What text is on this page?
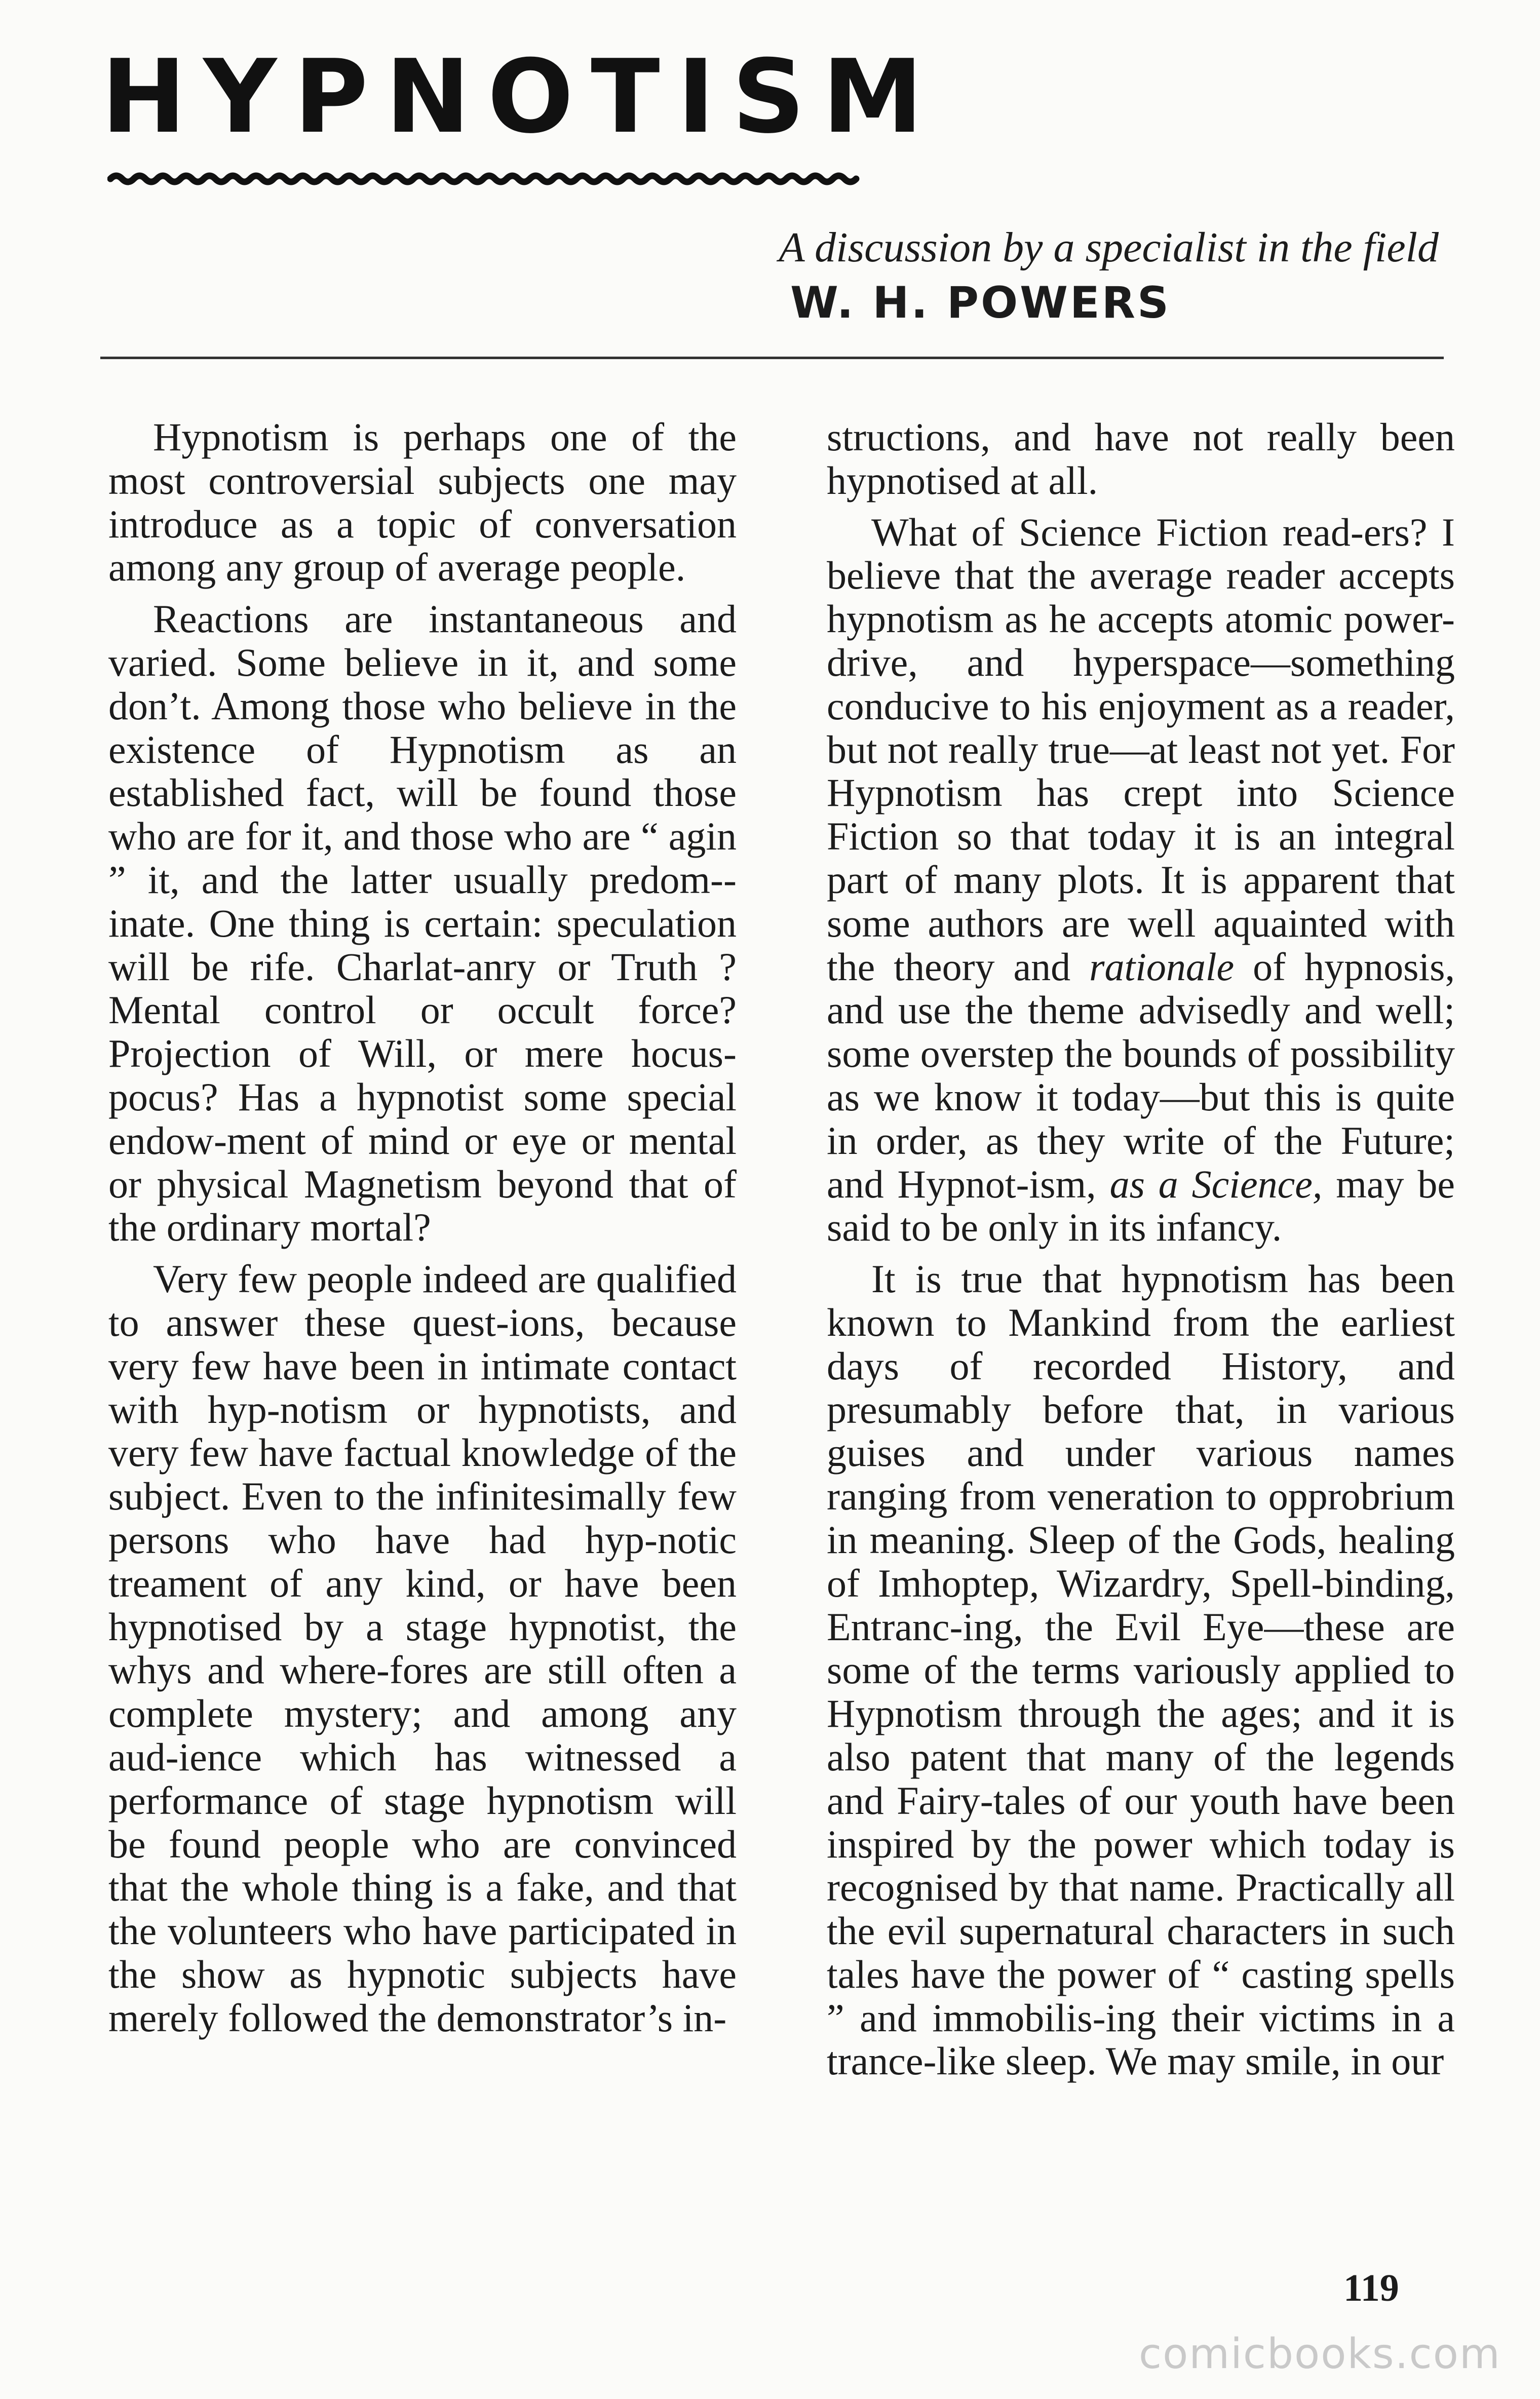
HYPNOTISM

A discussion by a specialist in the field

W. H. POWERS

Hypnotism is perhaps one of the most controversial subjects one may introduce as a topic of conversation among any group of average people.

Reactions are instantaneous and varied. Some believe in it, and some don’t. Among those who believe in the existence of Hypnotism as an established fact, will be found those who are for it, and those who are “ agin ” it, and the latter usually predom-inate. One thing is certain: speculation will be rife. Charlat-anry or Truth ? Mental control or occult force? Projection of Will, or mere hocus-pocus? Has a hypnotist some special endow-ment of mind or eye or mental or physical Magnetism beyond that of the ordinary mortal?

Very few people indeed are qualified to answer these quest-ions, because very few have been in intimate contact with hyp-notism or hypnotists, and very few have factual knowledge of the subject. Even to the infinitesimally few persons who have had hyp-notic treament of any kind, or have been hypnotised by a stage hypnotist, the whys and where-fores are still often a complete mystery; and among any aud-ience which has witnessed a performance of stage hypnotism will be found people who are convinced that the whole thing is a fake, and that the volunteers who have participated in the show as hypnotic subjects have merely followed the demonstrator’s in-

structions, and have not really been hypnotised at all.

What of Science Fiction read-ers? I believe that the average reader accepts hypnotism as he accepts atomic power-drive, and hyperspace—something conducive to his enjoyment as a reader, but not really true—at least not yet. For Hypnotism has crept into Science Fiction so that today it is an integral part of many plots. It is apparent that some authors are well aquainted with the theory and rationale of hypnosis, and use the theme advisedly and well; some overstep the bounds of possibility as we know it today—but this is quite in order, as they write of the Future; and Hypnot-ism, as a Science, may be said to be only in its infancy.

It is true that hypnotism has been known to Mankind from the earliest days of recorded History, and presumably before that, in various guises and under various names ranging from veneration to opprobrium in meaning. Sleep of the Gods, healing of Imhoptep, Wizardry, Spell-binding, Entranc-ing, the Evil Eye—these are some of the terms variously applied to Hypnotism through the ages; and it is also patent that many of the legends and Fairy-tales of our youth have been inspired by the power which today is recognised by that name. Practically all the evil supernatural characters in such tales have the power of “ casting spells ” and immobilis-ing their victims in a trance-like sleep. We may smile, in our

119

comicbooks.com
